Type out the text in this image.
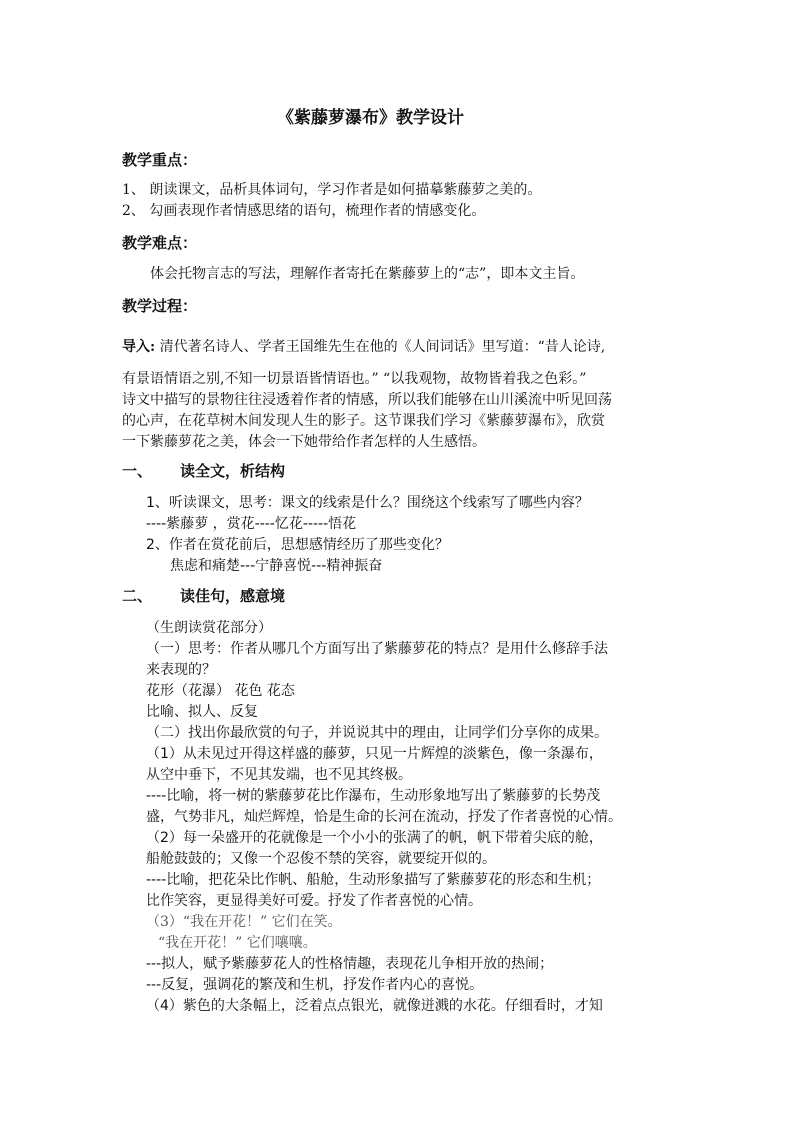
《紫藤萝瀑布》教学设计
教学重点：
1、 朗读课文，品析具体词句，学习作者是如何描摹紫藤萝之美的。
2、 勾画表现作者情感思绪的语句，梳理作者的情感变化。
教学难点：
体会托物言志的写法，理解作者寄托在紫藤萝上的“志”，即本文主旨。
教学过程：
导入: 清代著名诗人、学者王国维先生在他的《人间词话》里写道：“昔人论诗,
有景语情语之别,不知一切景语皆情语也。” “以我观物，故物皆着我之色彩。”
诗文中描写的景物往往浸透着作者的情感，所以我们能够在山川溪流中听见回荡
的心声，在花草树木间发现人生的影子。这节课我们学习《紫藤萝瀑布》，欣赏
一下紫藤萝花之美，体会一下她带给作者怎样的人生感悟。
一、 读全文，析结构
1、听读课文，思考：课文的线索是什么？围绕这个线索写了哪些内容？
----紫藤萝 ，赏花----忆花-----悟花
2、作者在赏花前后，思想感情经历了那些变化？
焦虑和痛楚---宁静喜悦---精神振奋
二、 读佳句，感意境
（生朗读赏花部分）
（一）思考：作者从哪几个方面写出了紫藤萝花的特点？是用什么修辞手法
来表现的？
花形（花瀑） 花色 花态
比喻、拟人、反复
（二）找出你最欣赏的句子，并说说其中的理由，让同学们分享你的成果。
（1）从未见过开得这样盛的藤萝，只见一片辉煌的淡紫色，像一条瀑布，
从空中垂下，不见其发端，也不见其终极。
----比喻，将一树的紫藤萝花比作瀑布，生动形象地写出了紫藤萝的长势茂
盛，气势非凡，灿烂辉煌，恰是生命的长河在流动，抒发了作者喜悦的心情。
（2）每一朵盛开的花就像是一个小小的张满了的帆，帆下带着尖底的舱，
船舱鼓鼓的；又像一个忍俊不禁的笑容，就要绽开似的。
----比喻，把花朵比作帆、船舱，生动形象描写了紫藤萝花的形态和生机；
比作笑容，更显得美好可爱。抒发了作者喜悦的心情。
（3）“我在开花！” 它们在笑。
“我在开花！” 它们嚷嚷。
---拟人，赋予紫藤萝花人的性格情趣，表现花儿争相开放的热闹；
---反复，强调花的繁茂和生机，抒发作者内心的喜悦。
（4）紫色的大条幅上，泛着点点银光，就像迸溅的水花。仔细看时，才知
